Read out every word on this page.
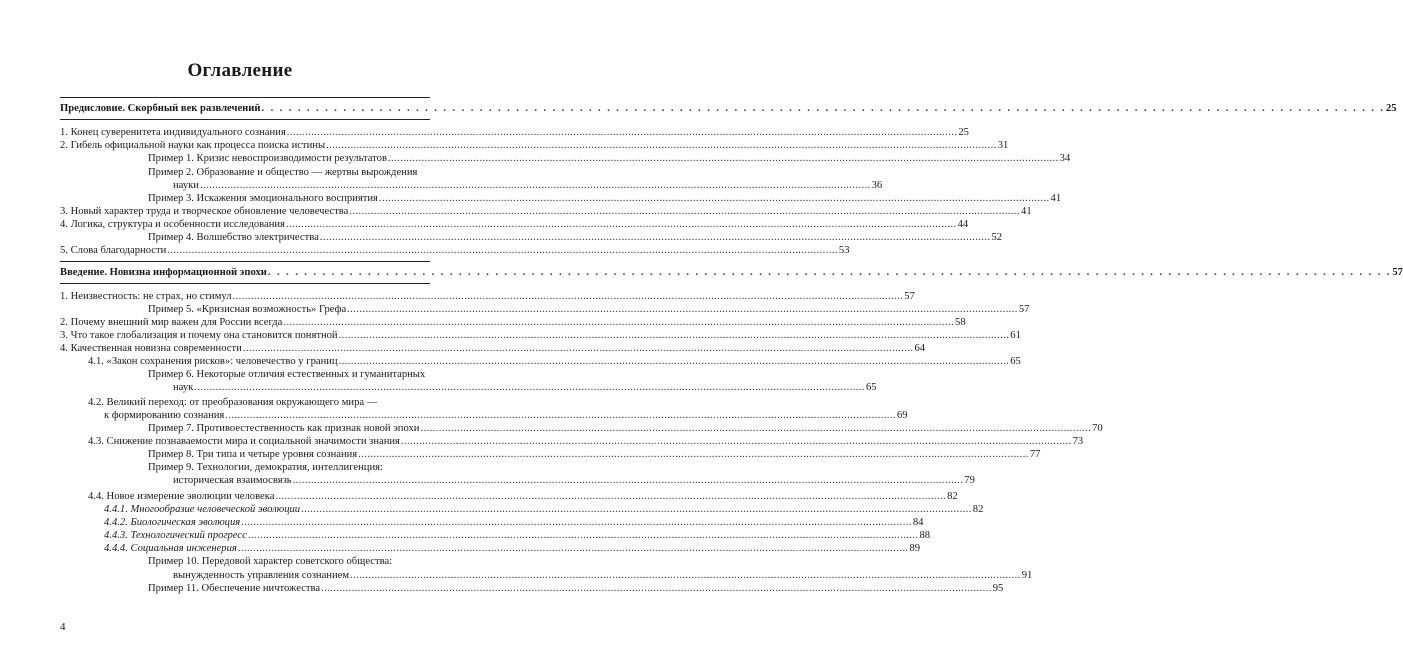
Оглавление
Предисловие. Скорбный век развлечений . . .	25
1. Конец суверенитета индивидуального сознания .....	25
2. Гибель официальной науки как процесса поиска истины .....	31
Пример 1. Кризис невоспроизводимости результатов .....	34
Пример 2. Образование и общество — жертвы вырождения
науки .....	36
Пример 3. Искажения эмоционального восприятия .....	41
3. Новый характер труда и творческое обновление человечества .....	41
4. Логика, структура и особенности исследования .....	44
Пример 4. Волшебство электричества .....	52
5. Слова благодарности .....	53
Введение. Новизна информационной эпохи . . .	57
1. Неизвестность: не страх, но стимул .....	57
Пример 5. «Кризисная возможность» Грефа .....	57
2. Почему внешний мир важен для России всегда .....	58
3. Что такое глобализация и почему она становится понятной .....	61
4. Качественная новизна современности .....	64
4.1. «Закон сохранения рисков»: человечество у границ .....	65
Пример 6. Некоторые отличия естественных и гуманитарных
наук .....	65
4.2. Великий переход: от преобразования окружающего мира —
к формированию сознания .....	69
Пример 7. Противоестественность как признак новой эпохи .....	70
4.3. Снижение познаваемости мира и социальной значимости знания .....	73
Пример 8. Три типа и четыре уровня сознания .....	77
Пример 9. Технологии, демократия, интеллигенция:
историческая взаимосвязь .....	79
4.4. Новое измерение эволюции человека .....	82
4.4.1. Многообразие человеческой эволюции .....	82
4.4.2. Биологическая эволюция .....	84
4.4.3. Технологический прогресс .....	88
4.4.4. Социальная инженерия .....	89
Пример 10. Передовой характер советского общества:
вынужденность управления сознанием .....	91
Пример 11. Обеспечение ничтожества .....	95
4
